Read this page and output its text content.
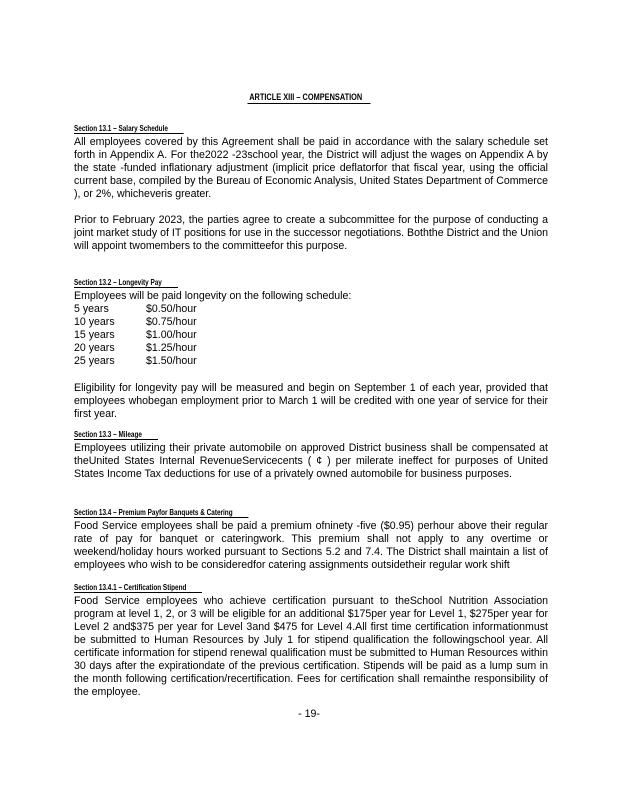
ARTICLE XIII – COMPENSATION
Section 13.1 – Salary Schedule

All employees covered by this Agreement shall be paid in accordance with the salary schedule set forth in Appendix A. For the2022 -23school year, the District will adjust the wages on Appendix A by the state -funded inflationary adjustment (implicit price deflatorfor that fiscal year, using the official current base, compiled by the Bureau of Economic Analysis, United States Department of Commerce ), or 2%, whicheveris greater.

Prior to February 2023, the parties agree to create a subcommittee for the purpose of conducting a joint market study of IT positions for use in the successor negotiations. Boththe District and the Union will appoint twomembers to the committeefor this purpose.

Section 13.2 – Longevity Pay

Employees will be paid longevity on the following schedule:

5 years	$0.50/hour
10 years	$0.75/hour
15 years	$1.00/hour
20 years	$1.25/hour
25 years	$1.50/hour

Eligibility for longevity pay will be measured and begin on September 1 of each year, provided that employees whobegan employment prior to March 1 will be credited with one year of service for their first year.

Section 13.3 – Mileage

Employees utilizing their private automobile on approved District business shall be compensated at theUnited States Internal RevenueServicecents ( ¢ ) per milerate ineffect for purposes of United States Income Tax deductions for use of a privately owned automobile for business purposes.

Section 13.4 – Premium Payfor Banquets & Catering

Food Service employees shall be paid a premium ofninety -five ($0.95) perhour above their regular rate of pay for banquet or cateringwork. This premium shall not apply to any overtime or weekend/holiday hours worked pursuant to Sections 5.2 and 7.4. The District shall maintain a list of employees who wish to be consideredfor catering assignments outsidetheir regular work shift

Section 13.4.1 – Certification Stipend

Food Service employees who achieve certification pursuant to theSchool Nutrition Association program at level 1, 2, or 3 will be eligible for an additional $175per year for Level 1, $275per year for Level 2 and$375 per year for Level 3and $475 for Level 4.All first time certification informationmust be submitted to Human Resources by July 1 for stipend qualification the followingschool year. All certificate information for stipend renewal qualification must be submitted to Human Resources within 30 days after the expirationdate of the previous certification. Stipends will be paid as a lump sum in the month following certification/recertification. Fees for certification shall remainthe responsibility of the employee.

- 19-
